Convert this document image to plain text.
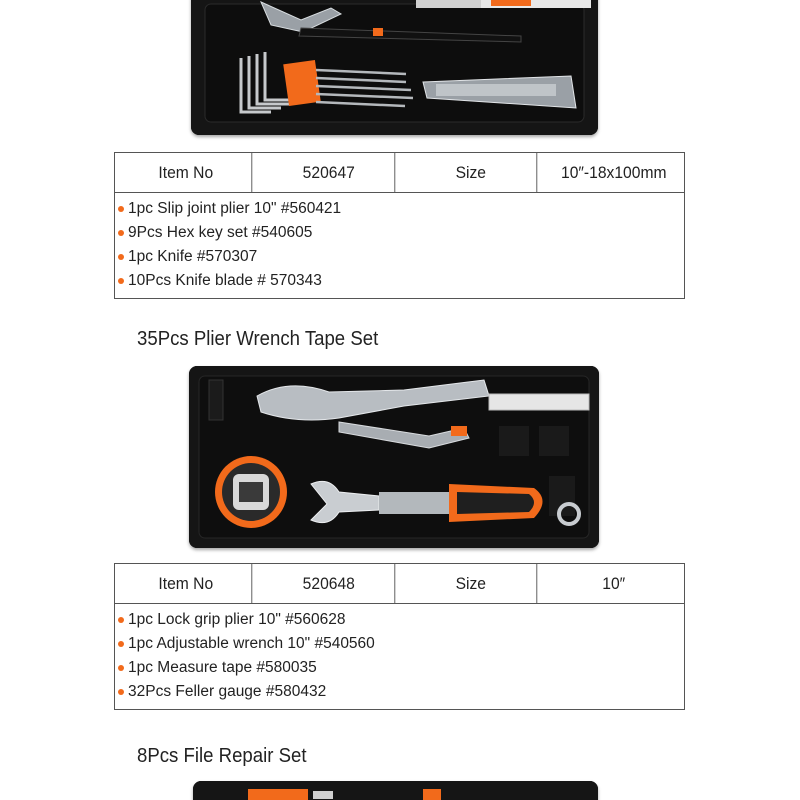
Item No	520647	Size	10″-18x100mm
1pc Slip joint plier 10" #560421
9Pcs Hex key set #540605
1pc Knife #570307
10Pcs Knife blade # 570343
35Pcs Plier Wrench Tape Set
Item No	520648	Size	10″
1pc Lock grip plier 10" #560628
1pc Adjustable wrench 10" #540560
1pc Measure tape #580035
32Pcs Feller gauge #580432
8Pcs File Repair Set
